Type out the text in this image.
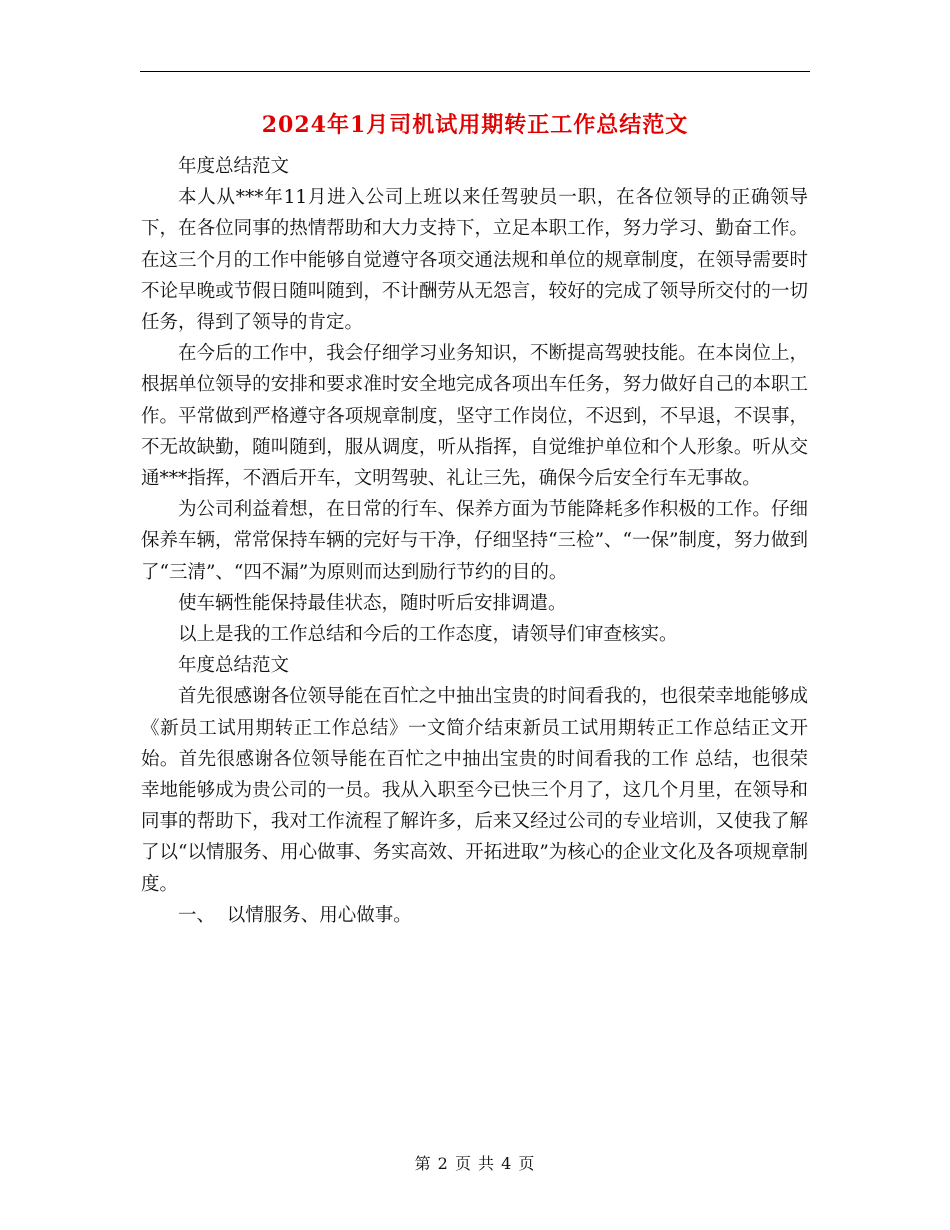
2024年1月司机试用期转正工作总结范文

年度总结范文

本人从***年11月进入公司上班以来任驾驶员一职，在各位领导的正确领导下，在各位同事的热情帮助和大力支持下，立足本职工作，努力学习、勤奋工作。在这三个月的工作中能够自觉遵守各项交通法规和单位的规章制度，在领导需要时不论早晚或节假日随叫随到，不计酬劳从无怨言，较好的完成了领导所交付的一切任务，得到了领导的肯定。

在今后的工作中，我会仔细学习业务知识，不断提高驾驶技能。在本岗位上，根据单位领导的安排和要求准时安全地完成各项出车任务，努力做好自己的本职工作。平常做到严格遵守各项规章制度，坚守工作岗位，不迟到，不早退，不误事，不无故缺勤，随叫随到，服从调度，听从指挥，自觉维护单位和个人形象。听从交通***指挥，不酒后开车，文明驾驶、礼让三先，确保今后安全行车无事故。

为公司利益着想，在日常的行车、保养方面为节能降耗多作积极的工作。仔细保养车辆，常常保持车辆的完好与干净，仔细坚持“三检”、“一保”制度，努力做到了“三清”、“四不漏”为原则而达到励行节约的目的。

使车辆性能保持最佳状态，随时听后安排调遣。

以上是我的工作总结和今后的工作态度，请领导们审查核实。

年度总结范文

首先很感谢各位领导能在百忙之中抽出宝贵的时间看我的，也很荣幸地能够成《新员工试用期转正工作总结》一文简介结束新员工试用期转正工作总结正文开始。首先很感谢各位领导能在百忙之中抽出宝贵的时间看我的工作 总结，也很荣幸地能够成为贵公司的一员。我从入职至今已快三个月了，这几个月里，在领导和同事的帮助下，我对工作流程了解许多，后来又经过公司的专业培训，又使我了解了以“以情服务、用心做事、务实高效、开拓进取”为核心的企业文化及各项规章制度。

一、  以情服务、用心做事。

第 2 页 共 4 页
